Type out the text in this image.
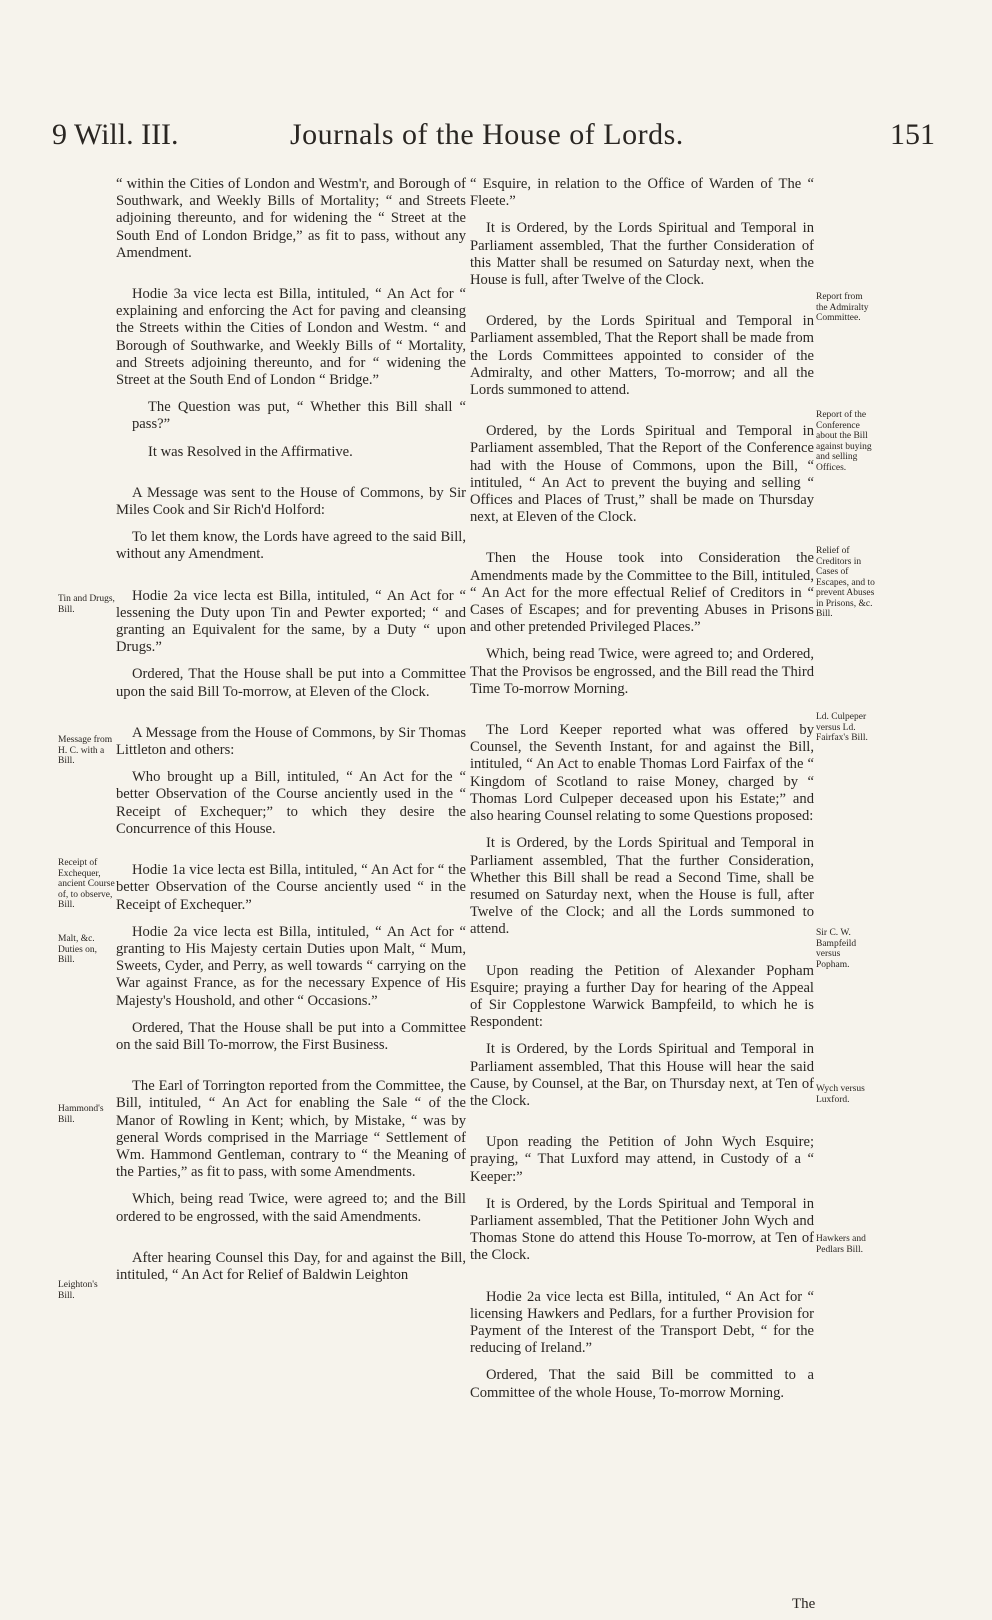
9 Will. III.	Journals of the House of Lords.	151

“ within the Cities of London and Westm'r, and Borough of Southwark, and Weekly Bills of Mortality; “ and Streets adjoining thereunto, and for widening the “ Street at the South End of London Bridge,” as fit to pass, without any Amendment.

Hodie 3a vice lecta est Billa, intituled, “ An Act for “ explaining and enforcing the Act for paving and cleansing the Streets within the Cities of London and Westm. “ and Borough of Southwarke, and Weekly Bills of “ Mortality, and Streets adjoining thereunto, and for “ widening the Street at the South End of London “ Bridge.”

The Question was put, “ Whether this Bill shall “ pass?”

It was Resolved in the Affirmative.

A Message was sent to the House of Commons, by Sir Miles Cook and Sir Rich'd Holford:

To let them know, the Lords have agreed to the said Bill, without any Amendment.

Hodie 2a vice lecta est Billa, intituled, “ An Act for “ lessening the Duty upon Tin and Pewter exported; “ and granting an Equivalent for the same, by a Duty “ upon Drugs.”

Ordered, That the House shall be put into a Committee upon the said Bill To-morrow, at Eleven of the Clock.

A Message from the House of Commons, by Sir Thomas Littleton and others:

Who brought up a Bill, intituled, “ An Act for the “ better Observation of the Course anciently used in the “ Receipt of Exchequer;” to which they desire the Concurrence of this House.

Hodie 1a vice lecta est Billa, intituled, “ An Act for “ the better Observation of the Course anciently used “ in the Receipt of Exchequer.”

Hodie 2a vice lecta est Billa, intituled, “ An Act for “ granting to His Majesty certain Duties upon Malt, “ Mum, Sweets, Cyder, and Perry, as well towards “ carrying on the War against France, as for the necessary Expence of His Majesty's Houshold, and other “ Occasions.”

Ordered, That the House shall be put into a Committee on the said Bill To-morrow, the First Business.

The Earl of Torrington reported from the Committee, the Bill, intituled, “ An Act for enabling the Sale “ of the Manor of Rowling in Kent; which, by Mistake, “ was by general Words comprised in the Marriage “ Settlement of Wm. Hammond Gentleman, contrary to “ the Meaning of the Parties,” as fit to pass, with some Amendments.

Which, being read Twice, were agreed to; and the Bill ordered to be engrossed, with the said Amendments.

After hearing Counsel this Day, for and against the Bill, intituled, “ An Act for Relief of Baldwin Leighton

Tin and Drugs, Bill.
Message from H. C. with a Bill.
Receipt of Exchequer, ancient Course of, to observe, Bill.
Malt, &c. Duties on, Bill.
Hammond's Bill.
Leighton's Bill.

“ Esquire, in relation to the Office of Warden of The “ Fleete.”

It is Ordered, by the Lords Spiritual and Temporal in Parliament assembled, That the further Consideration of this Matter shall be resumed on Saturday next, when the House is full, after Twelve of the Clock.

Ordered, by the Lords Spiritual and Temporal in Parliament assembled, That the Report shall be made from the Lords Committees appointed to consider of the Admiralty, and other Matters, To-morrow; and all the Lords summoned to attend.

Ordered, by the Lords Spiritual and Temporal in Parliament assembled, That the Report of the Conference had with the House of Commons, upon the Bill, “ intituled, “ An Act to prevent the buying and selling “ Offices and Places of Trust,” shall be made on Thursday next, at Eleven of the Clock.

Then the House took into Consideration the Amendments made by the Committee to the Bill, intituled, “ An Act for the more effectual Relief of Creditors in “ Cases of Escapes; and for preventing Abuses in Prisons and other pretended Privileged Places.”

Which, being read Twice, were agreed to; and Ordered, That the Provisos be engrossed, and the Bill read the Third Time To-morrow Morning.

The Lord Keeper reported what was offered by Counsel, the Seventh Instant, for and against the Bill, intituled, “ An Act to enable Thomas Lord Fairfax of the “ Kingdom of Scotland to raise Money, charged by “ Thomas Lord Culpeper deceased upon his Estate;” and also hearing Counsel relating to some Questions proposed:

It is Ordered, by the Lords Spiritual and Temporal in Parliament assembled, That the further Consideration, Whether this Bill shall be read a Second Time, shall be resumed on Saturday next, when the House is full, after Twelve of the Clock; and all the Lords summoned to attend.

Upon reading the Petition of Alexander Popham Esquire; praying a further Day for hearing of the Appeal of Sir Copplestone Warwick Bampfeild, to which he is Respondent:

It is Ordered, by the Lords Spiritual and Temporal in Parliament assembled, That this House will hear the said Cause, by Counsel, at the Bar, on Thursday next, at Ten of the Clock.

Upon reading the Petition of John Wych Esquire; praying, “ That Luxford may attend, in Custody of a “ Keeper:”

It is Ordered, by the Lords Spiritual and Temporal in Parliament assembled, That the Petitioner John Wych and Thomas Stone do attend this House To-morrow, at Ten of the Clock.

Hodie 2a vice lecta est Billa, intituled, “ An Act for “ licensing Hawkers and Pedlars, for a further Provision for Payment of the Interest of the Transport Debt, “ for the reducing of Ireland.”

Ordered, That the said Bill be committed to a Committee of the whole House, To-morrow Morning.

Report from the Admiralty Committee.
Report of the Conference about the Bill against buying and selling Offices.
Relief of Creditors in Cases of Escapes, and to prevent Abuses in Prisons, &c. Bill.
Ld. Culpeper versus Ld. Fairfax's Bill.
Sir C. W. Bampfeild versus Popham.
Wych versus Luxford.
Hawkers and Pedlars Bill.
The
